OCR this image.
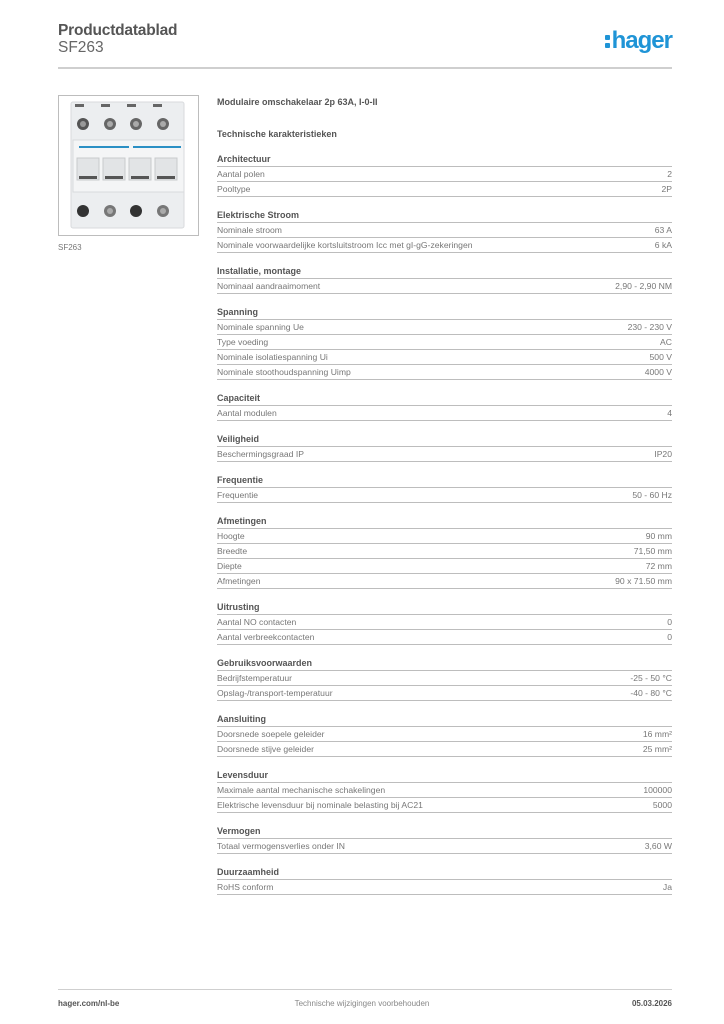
Productdatablad
SF263	hager
SF263
Modulaire omschakelaar 2p 63A, I-0-II
Technische karakteristieken
Architectuur
Aantal polen	2
Pooltype	2P
Elektrische Stroom
Nominale stroom	63 A
Nominale voorwaardelijke kortsluitstroom Icc met gI-gG-zekeringen	6 kA
Installatie, montage
Nominaal aandraaimoment	2,90 - 2,90 NM
Spanning
Nominale spanning Ue	230 - 230 V
Type voeding	AC
Nominale isolatiespanning Ui	500 V
Nominale stoothoudspanning Uimp	4000 V
Capaciteit
Aantal modulen	4
Veiligheid
Beschermingsgraad IP	IP20
Frequentie
Frequentie	50 - 60 Hz
Afmetingen
Hoogte	90 mm
Breedte	71,50 mm
Diepte	72 mm
Afmetingen	90 x 71.50 mm
Uitrusting
Aantal NO contacten	0
Aantal verbreekcontacten	0
Gebruiksvoorwaarden
Bedrijfstemperatuur	-25 - 50 °C
Opslag-/transport-temperatuur	-40 - 80 °C
Aansluiting
Doorsnede soepele geleider	16 mm²
Doorsnede stijve geleider	25 mm²
Levensduur
Maximale aantal mechanische schakelingen	100000
Elektrische levensduur bij nominale belasting bij AC21	5000
Vermogen
Totaal vermogensverlies onder IN	3,60 W
Duurzaamheid
RoHS conform	Ja
hager.com/nl-be	Technische wijzigingen voorbehouden	05.03.2026
